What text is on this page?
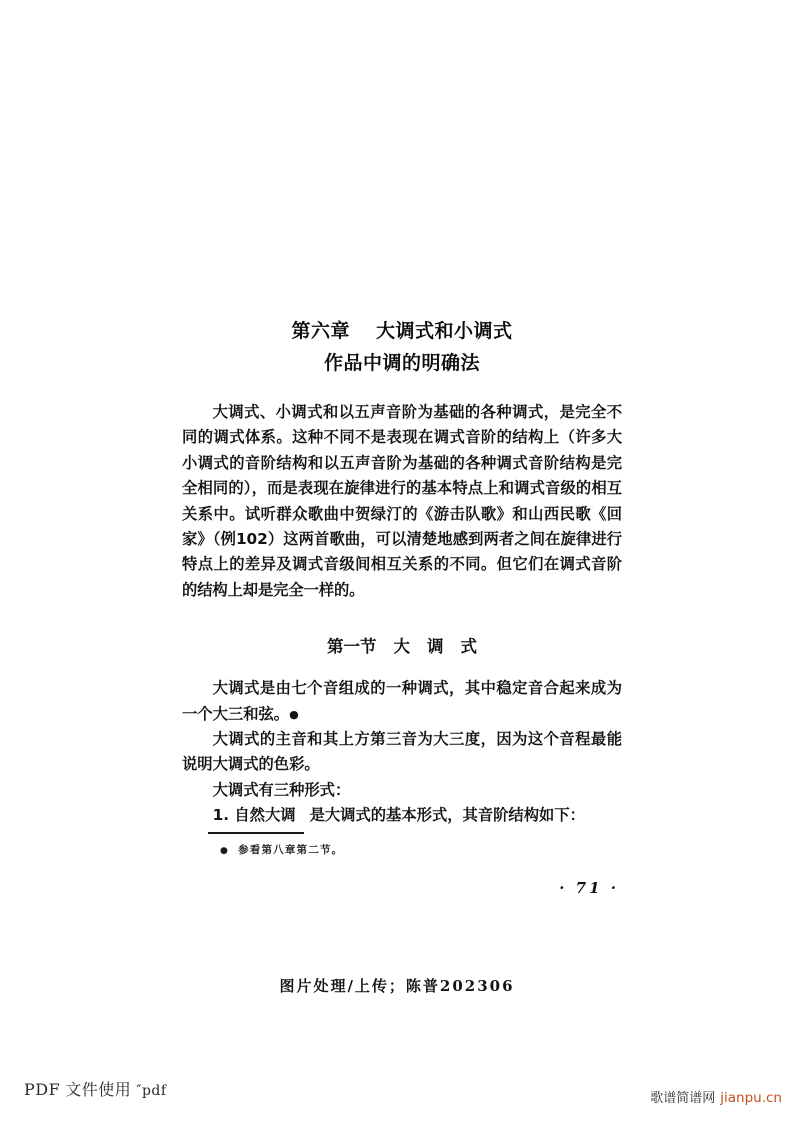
第六章 大调式和小调式
作品中调的明确法

大调式、小调式和以五声音阶为基础的各种调式，是完全不同的调式体系。这种不同不是表现在调式音阶的结构上（许多大小调式的音阶结构和以五声音阶为基础的各种调式音阶结构是完全相同的），而是表现在旋律进行的基本特点上和调式音级的相互关系中。试听群众歌曲中贺绿汀的《游击队歌》和山西民歌《回家》（例102）这两首歌曲，可以清楚地感到两者之间在旋律进行特点上的差异及调式音级间相互关系的不同。但它们在调式音阶的结构上却是完全一样的。

第一节 大 调 式

大调式是由七个音组成的一种调式，其中稳定音合起来成为一个大三和弦。●

大调式的主音和其上方第三音为大三度，因为这个音程最能说明大调式的色彩。

大调式有三种形式：

1. 自然大调 是大调式的基本形式，其音阶结构如下：

● 参看第八章第二节。
· 71 ·
图片处理/上传；陈普202306
PDF 文件使用 ″pdf	歌谱简谱网 jianpu.cn
